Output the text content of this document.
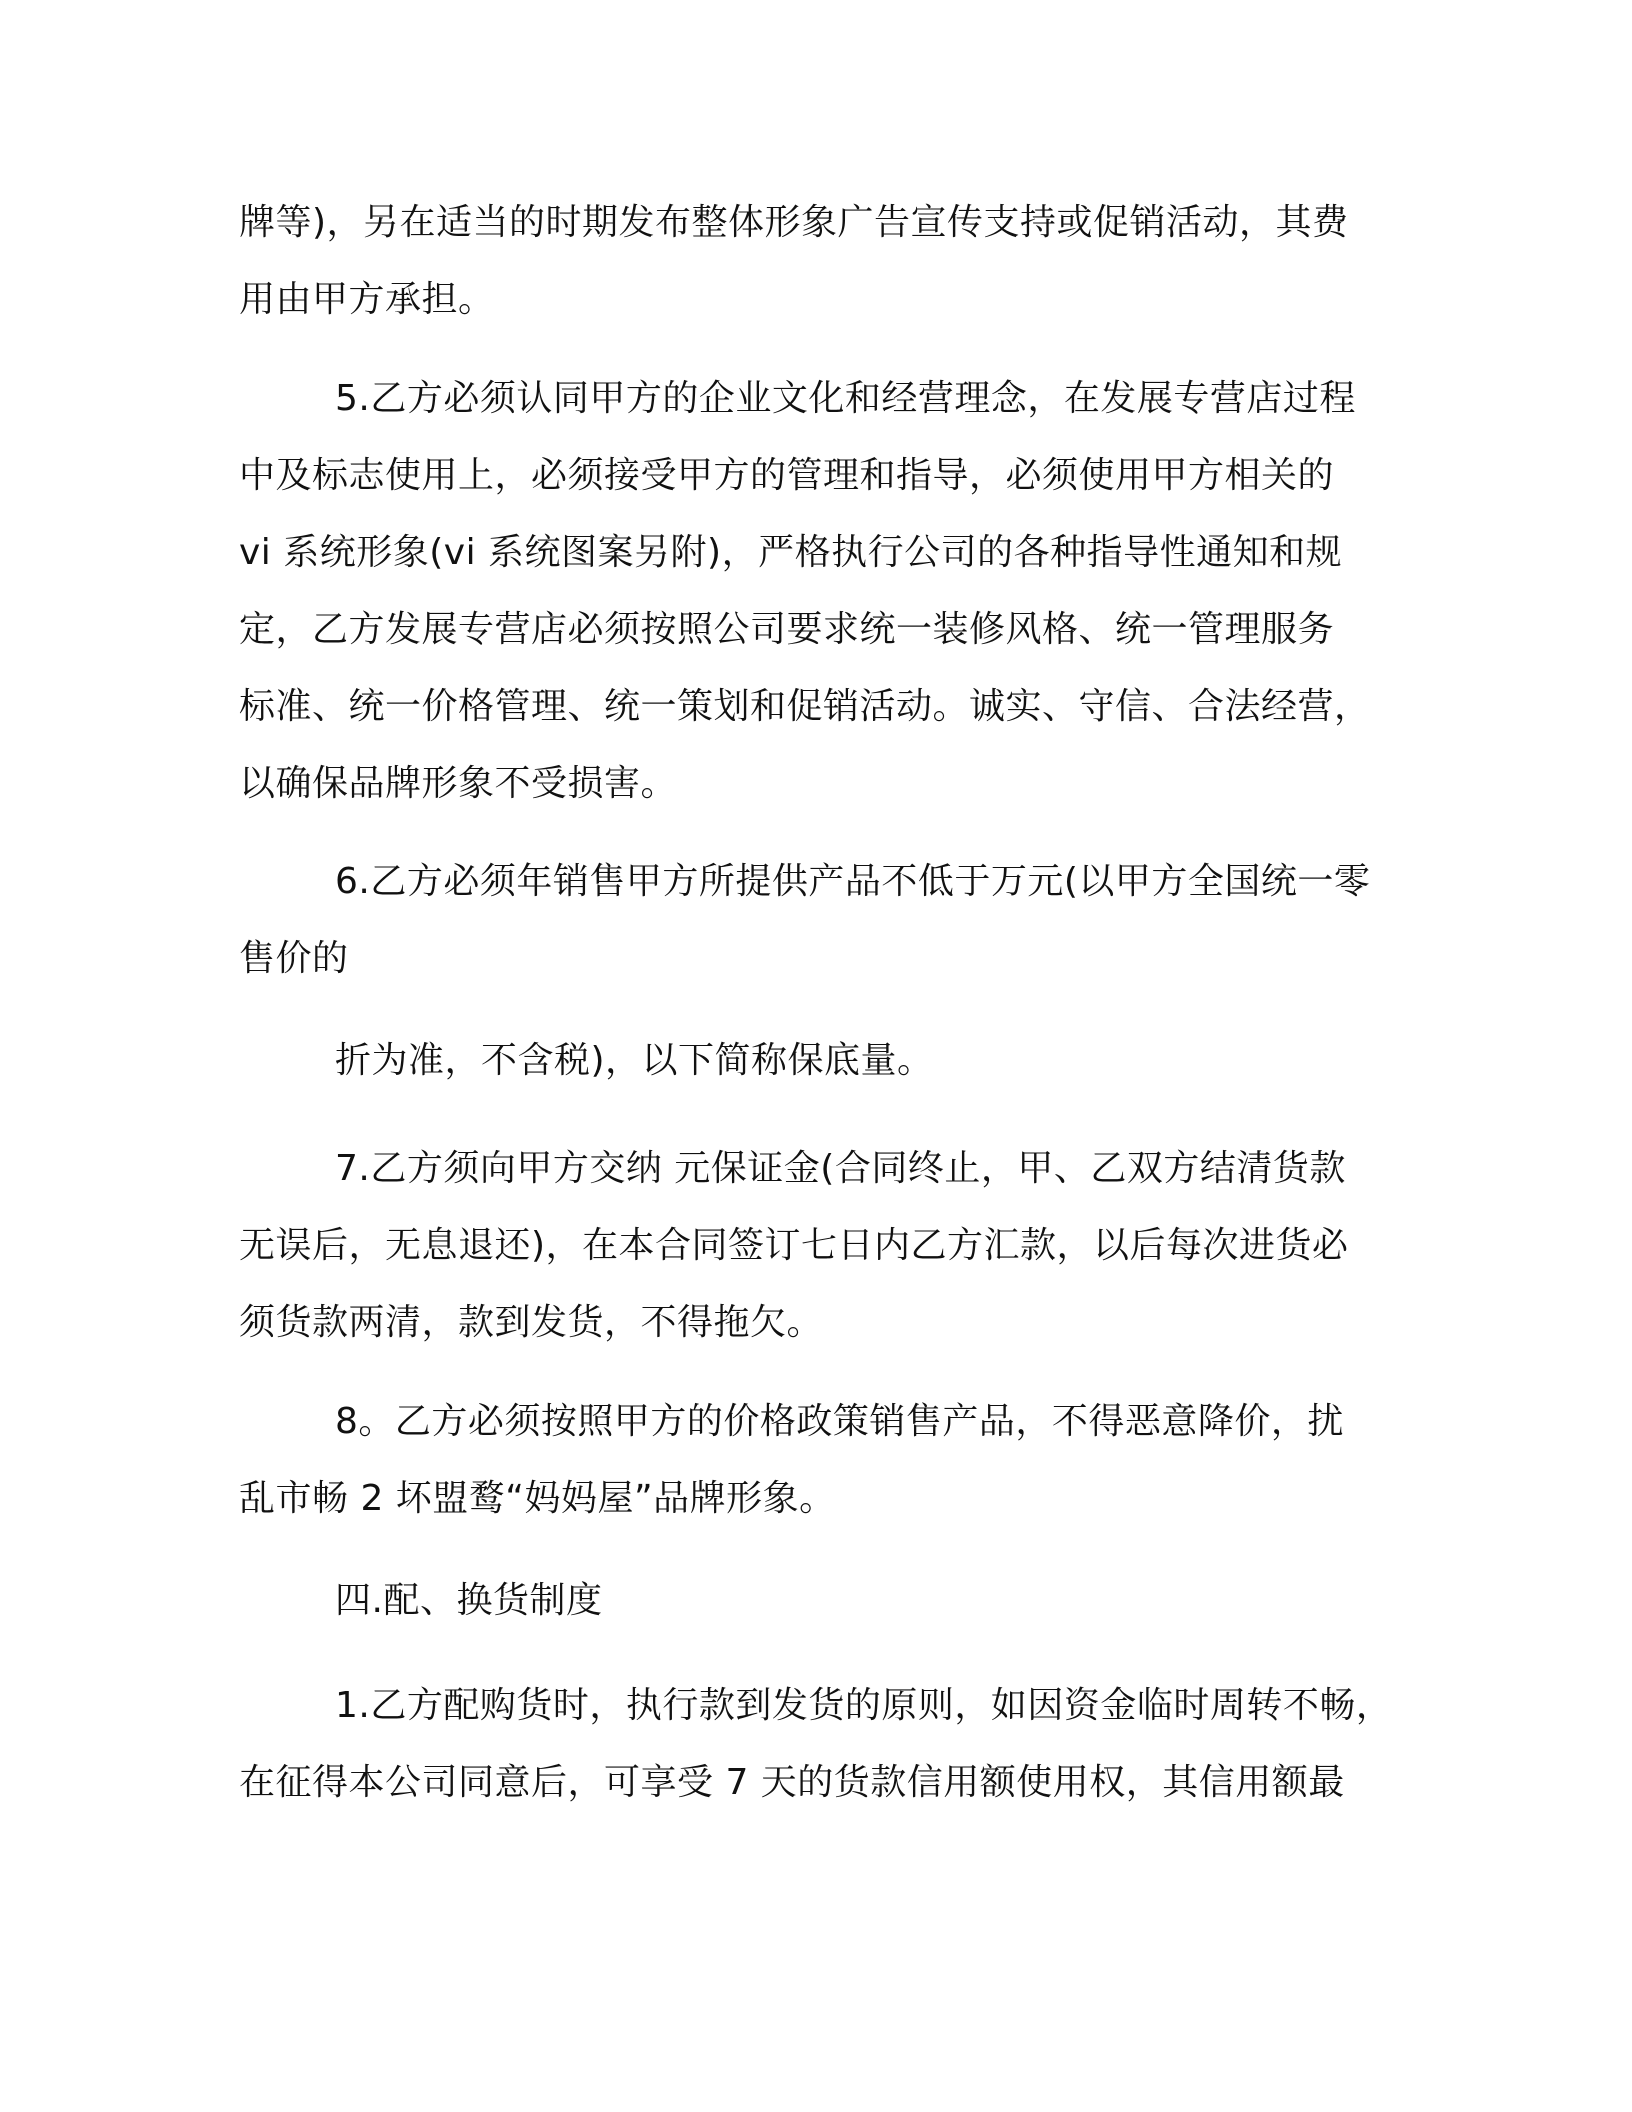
牌等)，另在适当的时期发布整体形象广告宣传支持或促销活动，其费
用由甲方承担。
5.乙方必须认同甲方的企业文化和经营理念，在发展专营店过程
中及标志使用上，必须接受甲方的管理和指导，必须使用甲方相关的
vi 系统形象(vi 系统图案另附)，严格执行公司的各种指导性通知和规
定，乙方发展专营店必须按照公司要求统一装修风格、统一管理服务
标准、统一价格管理、统一策划和促销活动。诚实、守信、合法经营，
以确保品牌形象不受损害。
6.乙方必须年销售甲方所提供产品不低于万元(以甲方全国统一零
售价的
折为准，不含税)，以下简称保底量。
7.乙方须向甲方交纳 元保证金(合同终止，甲、乙双方结清货款
无误后，无息退还)，在本合同签订七日内乙方汇款，以后每次进货必
须货款两清，款到发货，不得拖欠。
8。乙方必须按照甲方的价格政策销售产品，不得恶意降价，扰
乱市畅 2 坏盟鹜“妈妈屋”品牌形象。
四.配、换货制度
1.乙方配购货时，执行款到发货的原则，如因资金临时周转不畅，
在征得本公司同意后，可享受 7 天的货款信用额使用权，其信用额最
